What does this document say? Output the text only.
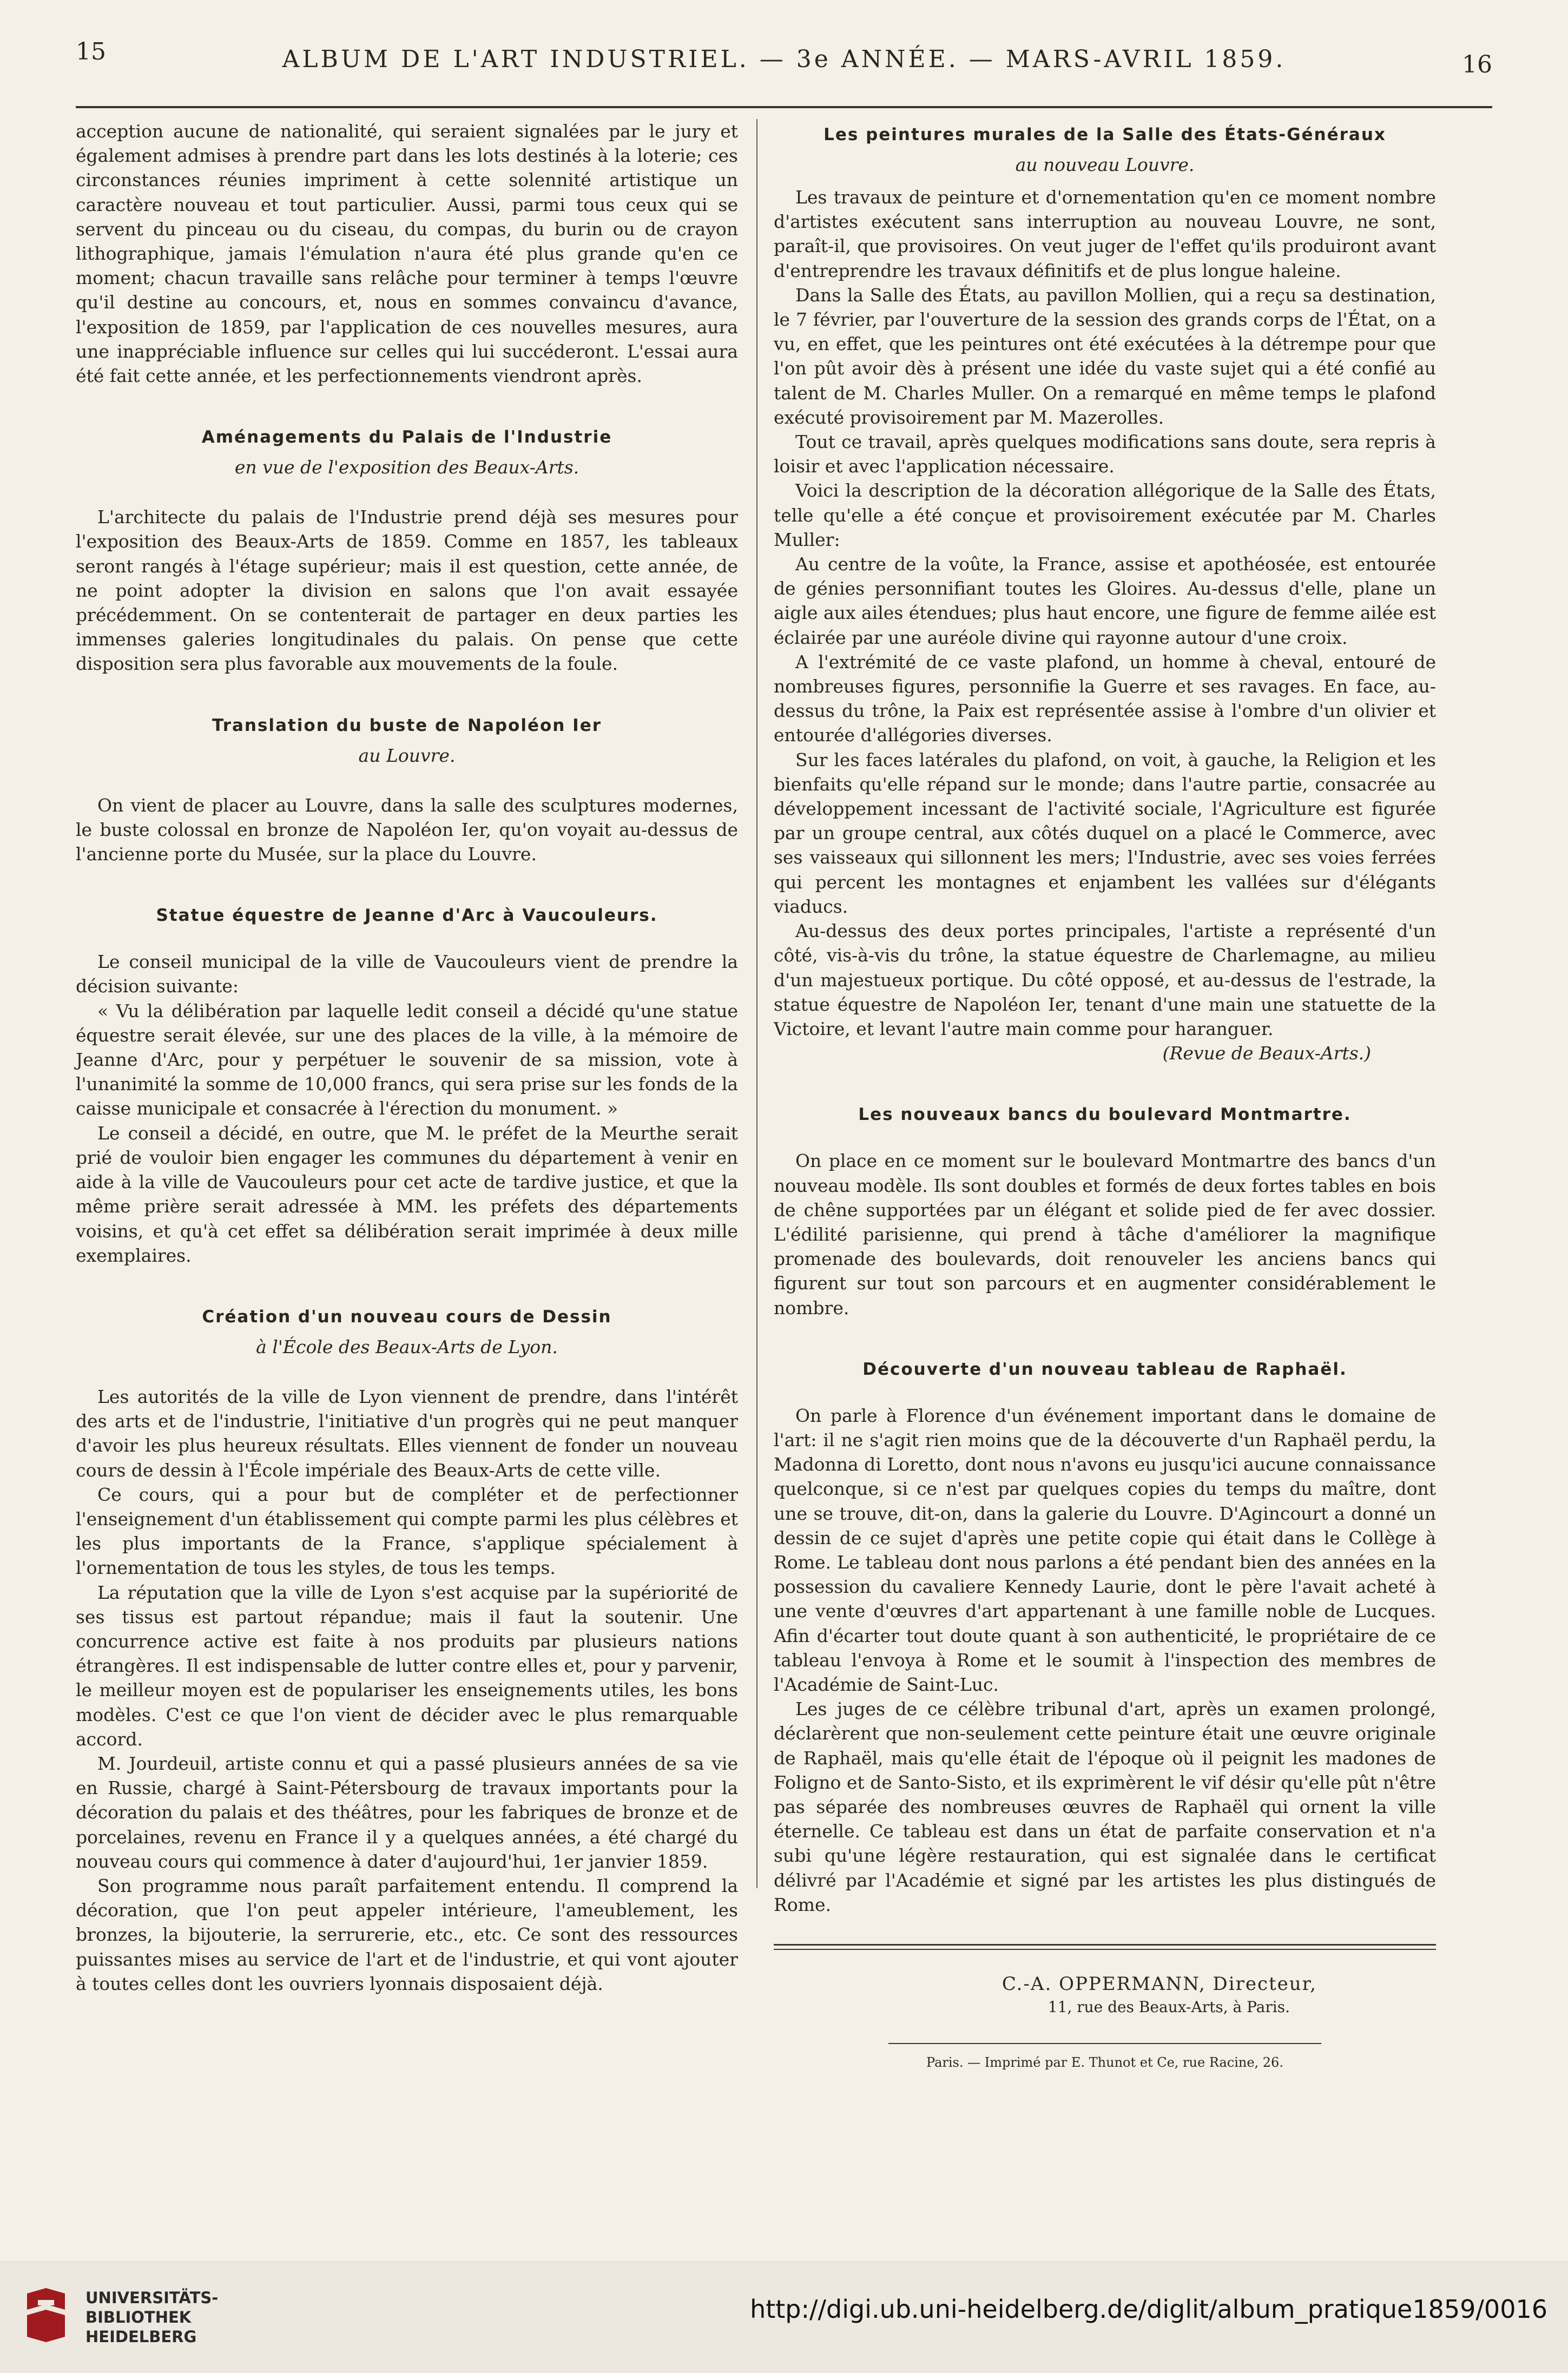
15	ALBUM DE L'ART INDUSTRIEL. — 3e ANNÉE. — MARS-AVRIL 1859.	16

acception aucune de nationalité, qui seraient signalées par le jury et également admises à prendre part dans les lots destinés à la loterie; ces circonstances réunies impriment à cette solennité artistique un caractère nouveau et tout particulier. Aussi, parmi tous ceux qui se servent du pinceau ou du ciseau, du compas, du burin ou de crayon lithographique, jamais l'émulation n'aura été plus grande qu'en ce moment; chacun travaille sans relâche pour terminer à temps l'œuvre qu'il destine au concours, et, nous en sommes convaincu d'avance, l'exposition de 1859, par l'application de ces nouvelles mesures, aura une inappréciable influence sur celles qui lui succéderont. L'essai aura été fait cette année, et les perfectionnements viendront après.

Aménagements du Palais de l'Industrie
en vue de l'exposition des Beaux-Arts.

L'architecte du palais de l'Industrie prend déjà ses mesures pour l'exposition des Beaux-Arts de 1859. Comme en 1857, les tableaux seront rangés à l'étage supérieur; mais il est question, cette année, de ne point adopter la division en salons que l'on avait essayée précédemment. On se contenterait de partager en deux parties les immenses galeries longitudinales du palais. On pense que cette disposition sera plus favorable aux mouvements de la foule.

Translation du buste de Napoléon Ier
au Louvre.

On vient de placer au Louvre, dans la salle des sculptures modernes, le buste colossal en bronze de Napoléon Ier, qu'on voyait au-dessus de l'ancienne porte du Musée, sur la place du Louvre.

Statue équestre de Jeanne d'Arc à Vaucouleurs.

Le conseil municipal de la ville de Vaucouleurs vient de prendre la décision suivante:

« Vu la délibération par laquelle ledit conseil a décidé qu'une statue équestre serait élevée, sur une des places de la ville, à la mémoire de Jeanne d'Arc, pour y perpétuer le souvenir de sa mission, vote à l'unanimité la somme de 10,000 francs, qui sera prise sur les fonds de la caisse municipale et consacrée à l'érection du monument. »

Le conseil a décidé, en outre, que M. le préfet de la Meurthe serait prié de vouloir bien engager les communes du département à venir en aide à la ville de Vaucouleurs pour cet acte de tardive justice, et que la même prière serait adressée à MM. les préfets des départements voisins, et qu'à cet effet sa délibération serait imprimée à deux mille exemplaires.

Création d'un nouveau cours de Dessin
à l'École des Beaux-Arts de Lyon.

Les autorités de la ville de Lyon viennent de prendre, dans l'intérêt des arts et de l'industrie, l'initiative d'un progrès qui ne peut manquer d'avoir les plus heureux résultats. Elles viennent de fonder un nouveau cours de dessin à l'École impériale des Beaux-Arts de cette ville.

Ce cours, qui a pour but de compléter et de perfectionner l'enseignement d'un établissement qui compte parmi les plus célèbres et les plus importants de la France, s'applique spécialement à l'ornementation de tous les styles, de tous les temps.

La réputation que la ville de Lyon s'est acquise par la supériorité de ses tissus est partout répandue; mais il faut la soutenir. Une concurrence active est faite à nos produits par plusieurs nations étrangères. Il est indispensable de lutter contre elles et, pour y parvenir, le meilleur moyen est de populariser les enseignements utiles, les bons modèles. C'est ce que l'on vient de décider avec le plus remarquable accord.

M. Jourdeuil, artiste connu et qui a passé plusieurs années de sa vie en Russie, chargé à Saint-Pétersbourg de travaux importants pour la décoration du palais et des théâtres, pour les fabriques de bronze et de porcelaines, revenu en France il y a quelques années, a été chargé du nouveau cours qui commence à dater d'aujourd'hui, 1er janvier 1859.

Son programme nous paraît parfaitement entendu. Il comprend la décoration, que l'on peut appeler intérieure, l'ameublement, les bronzes, la bijouterie, la serrurerie, etc., etc. Ce sont des ressources puissantes mises au service de l'art et de l'industrie, et qui vont ajouter à toutes celles dont les ouvriers lyonnais disposaient déjà.

Les peintures murales de la Salle des États-Généraux
au nouveau Louvre.

Les travaux de peinture et d'ornementation qu'en ce moment nombre d'artistes exécutent sans interruption au nouveau Louvre, ne sont, paraît-il, que provisoires. On veut juger de l'effet qu'ils produiront avant d'entreprendre les travaux définitifs et de plus longue haleine.

Dans la Salle des États, au pavillon Mollien, qui a reçu sa destination, le 7 février, par l'ouverture de la session des grands corps de l'État, on a vu, en effet, que les peintures ont été exécutées à la détrempe pour que l'on pût avoir dès à présent une idée du vaste sujet qui a été confié au talent de M. Charles Muller. On a remarqué en même temps le plafond exécuté provisoirement par M. Mazerolles.

Tout ce travail, après quelques modifications sans doute, sera repris à loisir et avec l'application nécessaire.

Voici la description de la décoration allégorique de la Salle des États, telle qu'elle a été conçue et provisoirement exécutée par M. Charles Muller:

Au centre de la voûte, la France, assise et apothéosée, est entourée de génies personnifiant toutes les Gloires. Au-dessus d'elle, plane un aigle aux ailes étendues; plus haut encore, une figure de femme ailée est éclairée par une auréole divine qui rayonne autour d'une croix.

A l'extrémité de ce vaste plafond, un homme à cheval, entouré de nombreuses figures, personnifie la Guerre et ses ravages. En face, au-dessus du trône, la Paix est représentée assise à l'ombre d'un olivier et entourée d'allégories diverses.

Sur les faces latérales du plafond, on voit, à gauche, la Religion et les bienfaits qu'elle répand sur le monde; dans l'autre partie, consacrée au développement incessant de l'activité sociale, l'Agriculture est figurée par un groupe central, aux côtés duquel on a placé le Commerce, avec ses vaisseaux qui sillonnent les mers; l'Industrie, avec ses voies ferrées qui percent les montagnes et enjambent les vallées sur d'élégants viaducs.

Au-dessus des deux portes principales, l'artiste a représenté d'un côté, vis-à-vis du trône, la statue équestre de Charlemagne, au milieu d'un majestueux portique. Du côté opposé, et au-dessus de l'estrade, la statue équestre de Napoléon Ier, tenant d'une main une statuette de la Victoire, et levant l'autre main comme pour haranguer.

(Revue de Beaux-Arts.)
Les nouveaux bancs du boulevard Montmartre.

On place en ce moment sur le boulevard Montmartre des bancs d'un nouveau modèle. Ils sont doubles et formés de deux fortes tables en bois de chêne supportées par un élégant et solide pied de fer avec dossier. L'édilité parisienne, qui prend à tâche d'améliorer la magnifique promenade des boulevards, doit renouveler les anciens bancs qui figurent sur tout son parcours et en augmenter considérablement le nombre.

Découverte d'un nouveau tableau de Raphaël.

On parle à Florence d'un événement important dans le domaine de l'art: il ne s'agit rien moins que de la découverte d'un Raphaël perdu, la Madonna di Loretto, dont nous n'avons eu jusqu'ici aucune connaissance quelconque, si ce n'est par quelques copies du temps du maître, dont une se trouve, dit-on, dans la galerie du Louvre. D'Agincourt a donné un dessin de ce sujet d'après une petite copie qui était dans le Collège à Rome. Le tableau dont nous parlons a été pendant bien des années en la possession du cavaliere Kennedy Laurie, dont le père l'avait acheté à une vente d'œuvres d'art appartenant à une famille noble de Lucques. Afin d'écarter tout doute quant à son authenticité, le propriétaire de ce tableau l'envoya à Rome et le soumit à l'inspection des membres de l'Académie de Saint-Luc.

Les juges de ce célèbre tribunal d'art, après un examen prolongé, déclarèrent que non-seulement cette peinture était une œuvre originale de Raphaël, mais qu'elle était de l'époque où il peignit les madones de Foligno et de Santo-Sisto, et ils exprimèrent le vif désir qu'elle pût n'être pas séparée des nombreuses œuvres de Raphaël qui ornent la ville éternelle. Ce tableau est dans un état de parfaite conservation et n'a subi qu'une légère restauration, qui est signalée dans le certificat délivré par l'Académie et signé par les artistes les plus distingués de Rome.

C.-A. OPPERMANN, Directeur,
11, rue des Beaux-Arts, à Paris.
Paris. — Imprimé par E. Thunot et Ce, rue Racine, 26.
UNIVERSITÄTS-
BIBLIOTHEK
HEIDELBERG
http://digi.ub.uni-heidelberg.de/diglit/album_pratique1859/0016
